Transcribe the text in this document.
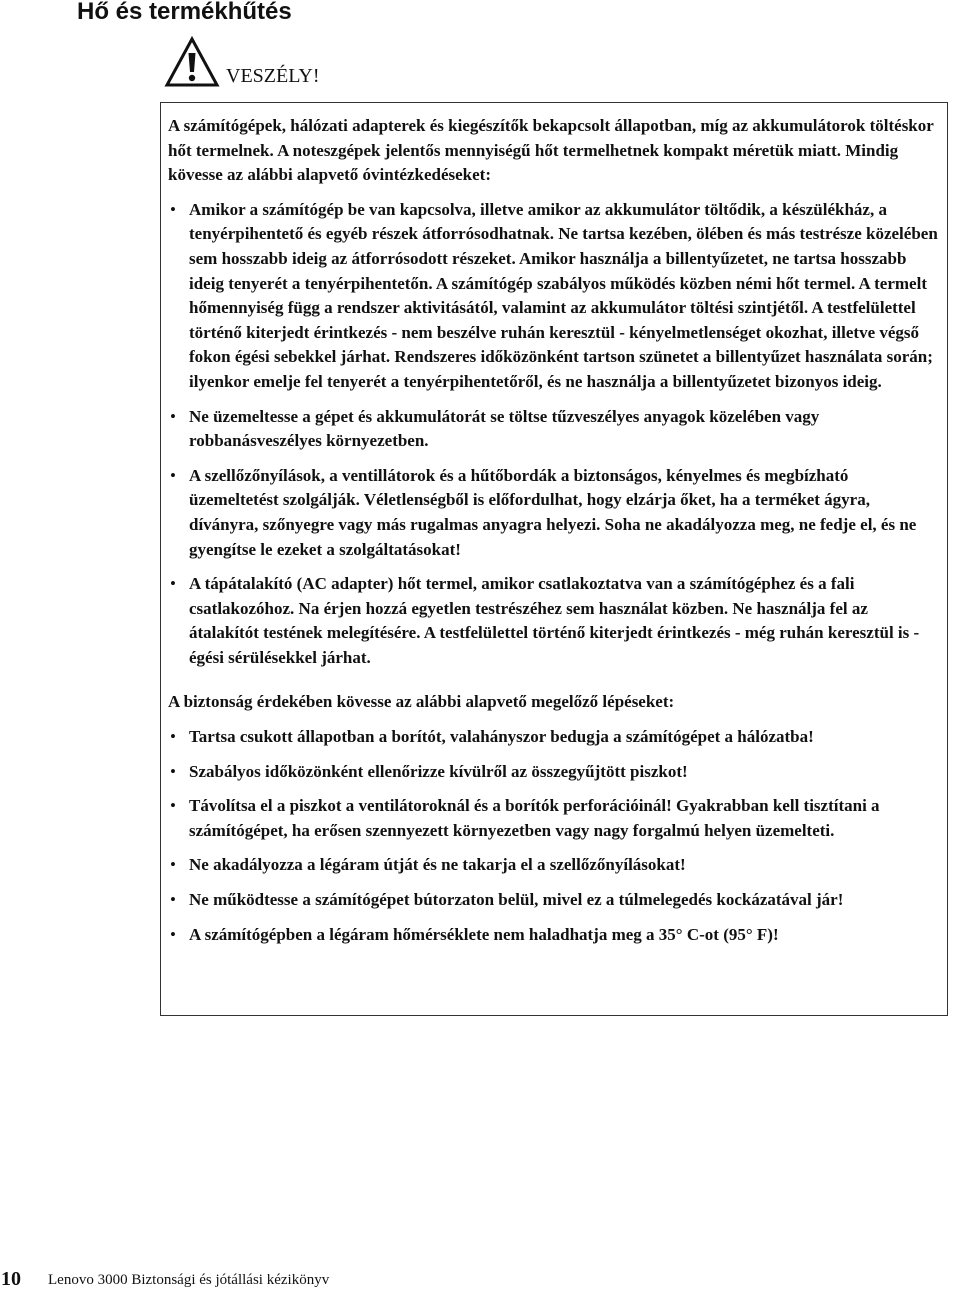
Hő és termékhűtés
VESZÉLY!

A számítógépek, hálózati adapterek és kiegészítők bekapcsolt állapotban, míg az akkumulátorok töltéskor hőt termelnek. A noteszgépek jelentős mennyiségű hőt termelhetnek kompakt méretük miatt. Mindig kövesse az alábbi alapvető óvintézkedéseket:

• Amikor a számítógép be van kapcsolva, illetve amikor az akkumulátor töltődik, a készülékház, a tenyérpihentető és egyéb részek átforrósodhatnak. Ne tartsa kezében, ölében és más testrésze közelében sem hosszabb ideig az átforrósodott részeket. Amikor használja a billentyűzetet, ne tartsa hosszabb ideig tenyerét a tenyérpihentetőn. A számítógép szabályos működés közben némi hőt termel. A termelt hőmennyiség függ a rendszer aktivitásától, valamint az akkumulátor töltési szintjétől. A testfelülettel történő kiterjedt érintkezés - nem beszélve ruhán keresztül - kényelmetlenséget okozhat, illetve végső fokon égési sebekkel járhat. Rendszeres időközönként tartson szünetet a billentyűzet használata során; ilyenkor emelje fel tenyerét a tenyérpihentetőről, és ne használja a billentyűzetet bizonyos ideig.
• Ne üzemeltesse a gépet és akkumulátorát se töltse tűzveszélyes anyagok közelében vagy robbanásveszélyes környezetben.
• A szellőzőnyílások, a ventillátorok és a hűtőbordák a biztonságos, kényelmes és megbízható üzemeltetést szolgálják. Véletlenségből is előfordulhat, hogy elzárja őket, ha a terméket ágyra, díványra, szőnyegre vagy más rugalmas anyagra helyezi. Soha ne akadályozza meg, ne fedje el, és ne gyengítse le ezeket a szolgáltatásokat!
• A tápátalakító (AC adapter) hőt termel, amikor csatlakoztatva van a számítógéphez és a fali csatlakozóhoz. Na érjen hozzá egyetlen testrészéhez sem használat közben. Ne használja fel az átalakítót testének melegítésére. A testfelülettel történő kiterjedt érintkezés - még ruhán keresztül is - égési sérülésekkel járhat.

A biztonság érdekében kövesse az alábbi alapvető megelőző lépéseket:

• Tartsa csukott állapotban a borítót, valahányszor bedugja a számítógépet a hálózatba!
• Szabályos időközönként ellenőrizze kívülről az összegyűjtött piszkot!
• Távolítsa el a piszkot a ventilátoroknál és a borítók perforációinál! Gyakrabban kell tisztítani a számítógépet, ha erősen szennyezett környezetben vagy nagy forgalmú helyen üzemelteti.
• Ne akadályozza a légáram útját és ne takarja el a szellőzőnyílásokat!
• Ne működtesse a számítógépet bútorzaton belül, mivel ez a túlmelegedés kockázatával jár!
• A számítógépben a légáram hőmérséklete nem haladhatja meg a 35° C-ot (95° F)!
10 Lenovo 3000 Biztonsági és jótállási kézikönyv
